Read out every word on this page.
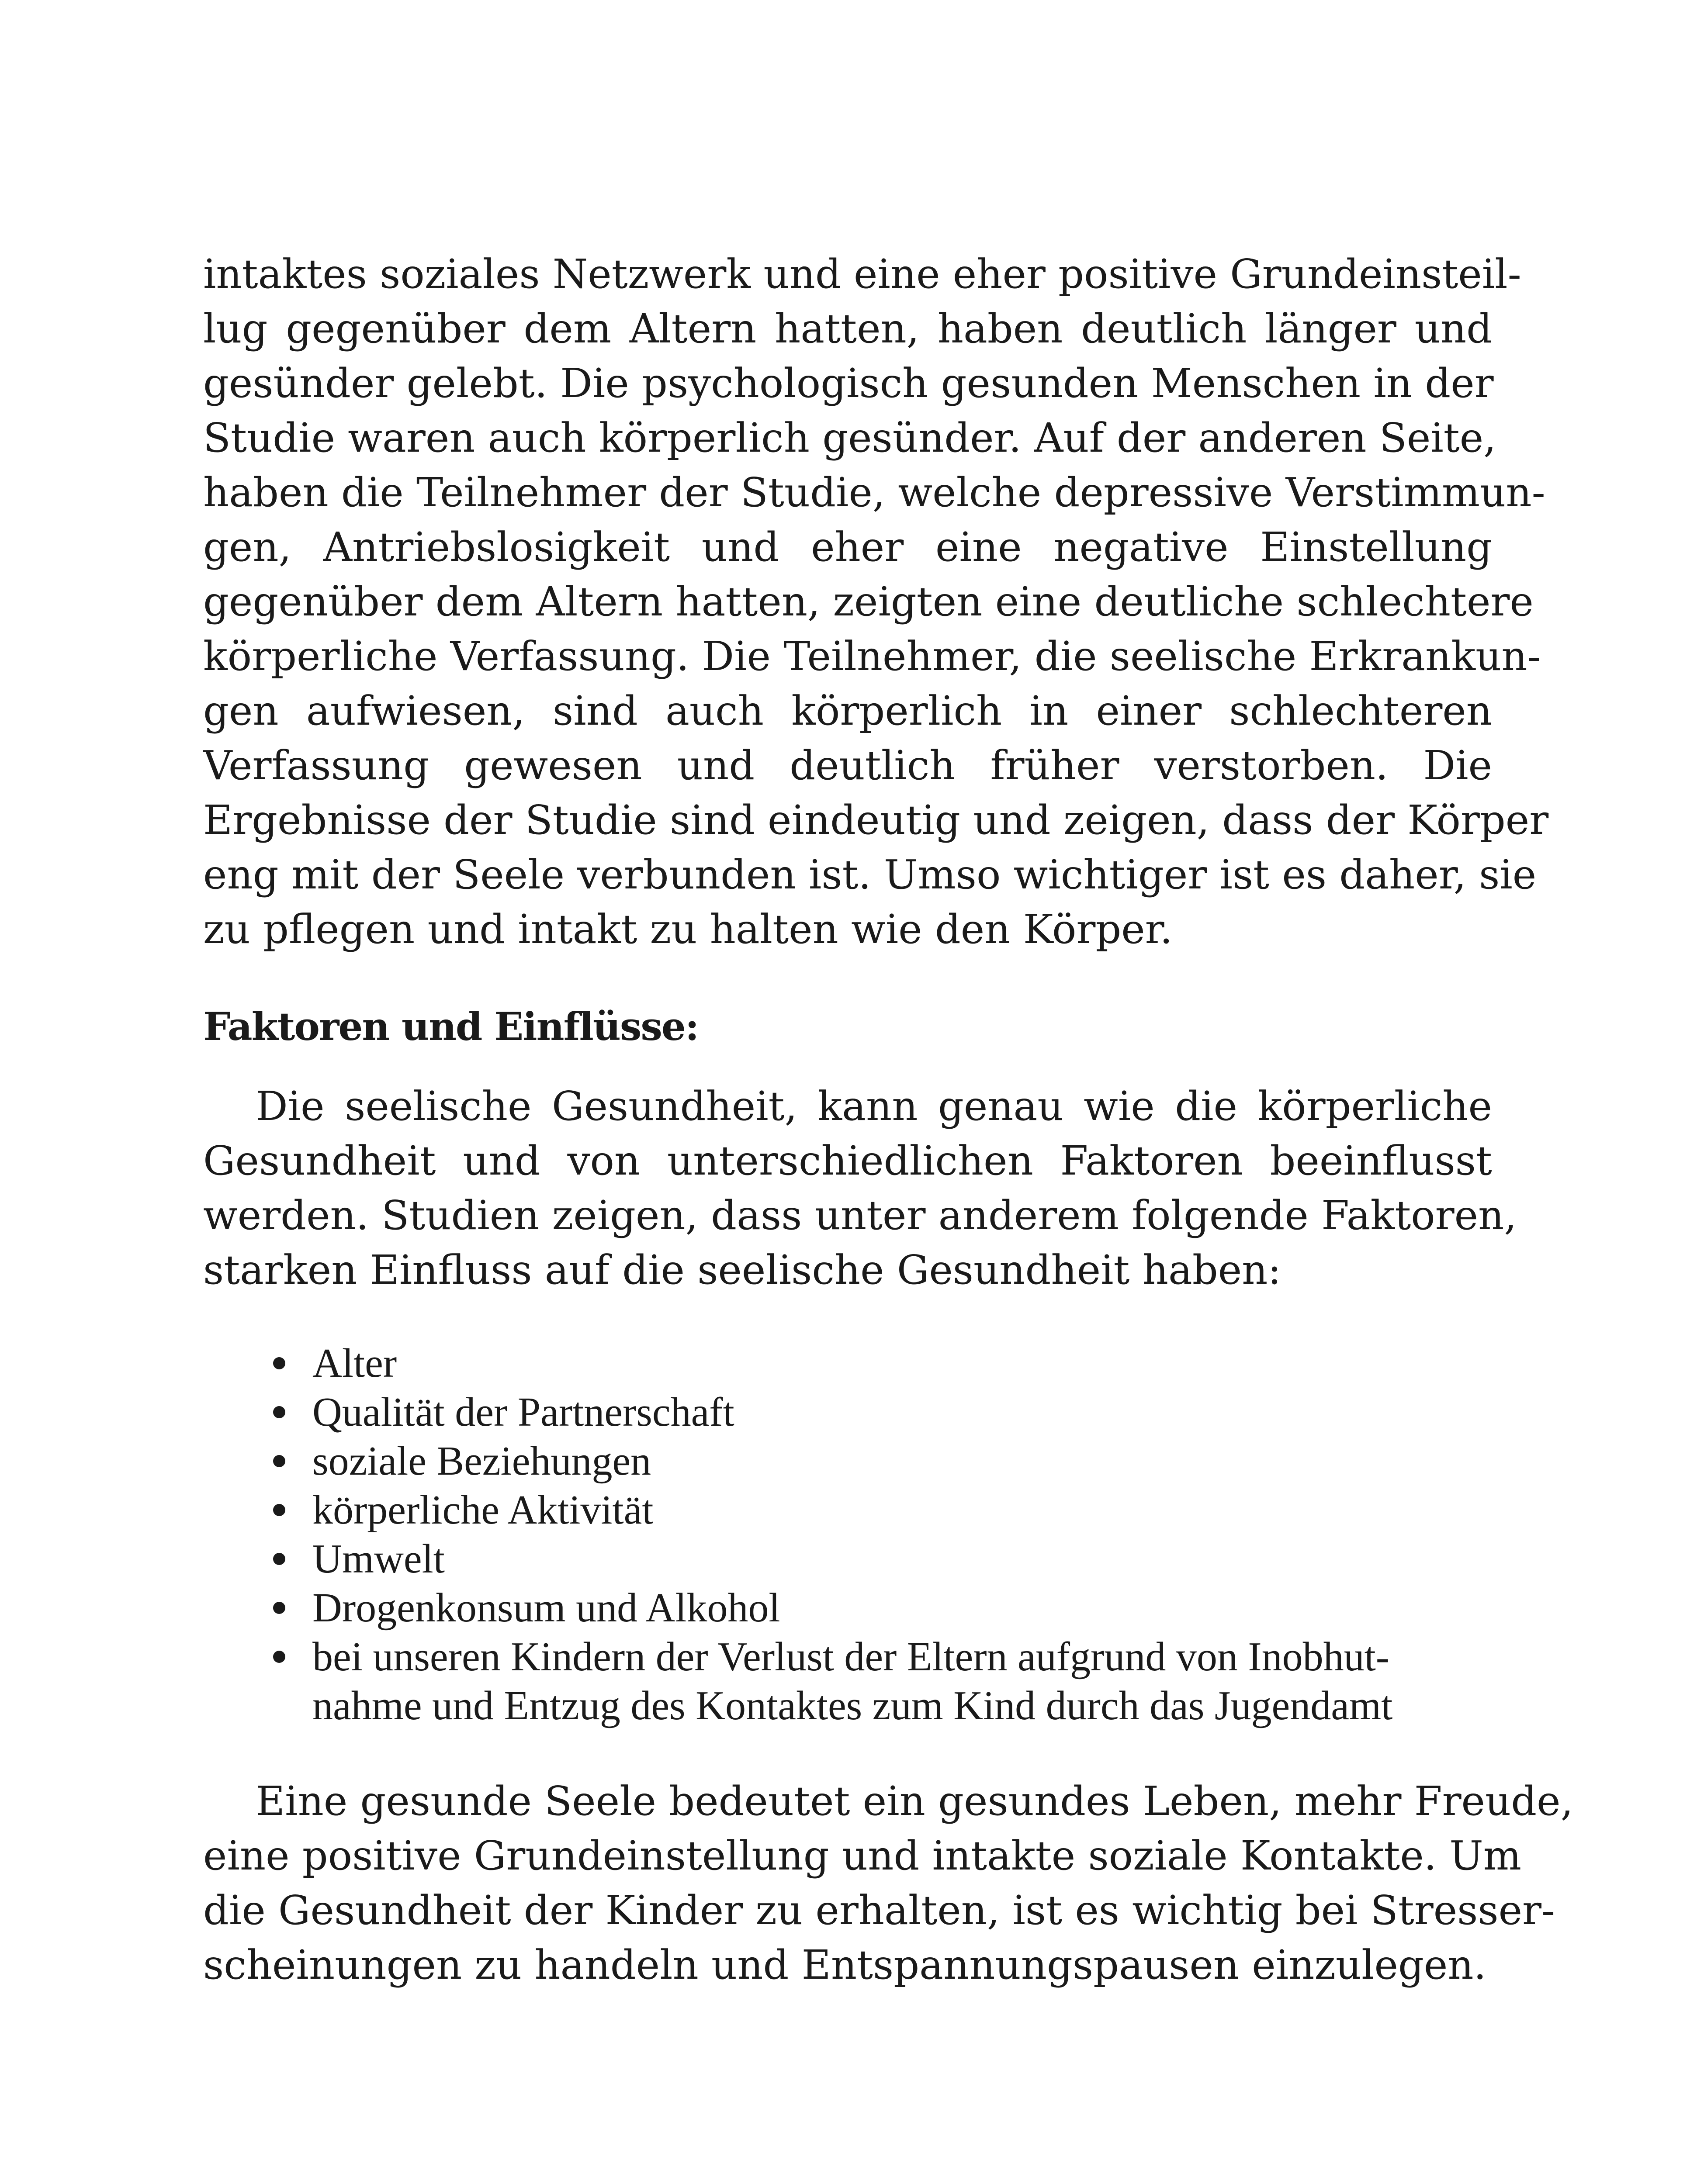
intaktes soziales Netzwerk und eine eher positive Grundeinsteil-
lug gegenüber dem Altern hatten, haben deutlich länger und
gesünder gelebt. Die psychologisch gesunden Menschen in der
Studie waren auch körperlich gesünder. Auf der anderen Seite,
haben die Teilnehmer der Studie, welche depressive Verstimmun-
gen, Antriebslosigkeit und eher eine negative Einstellung
gegenüber dem Altern hatten, zeigten eine deutliche schlechtere
körperliche Verfassung. Die Teilnehmer, die seelische Erkrankun-
gen aufwiesen, sind auch körperlich in einer schlechteren
Verfassung gewesen und deutlich früher verstorben. Die
Ergebnisse der Studie sind eindeutig und zeigen, dass der Körper
eng mit der Seele verbunden ist. Umso wichtiger ist es daher, sie
zu pflegen und intakt zu halten wie den Körper.

Faktoren und Einflüsse:

Die seelische Gesundheit, kann genau wie die körperliche
Gesundheit und von unterschiedlichen Faktoren beeinflusst
werden. Studien zeigen, dass unter anderem folgende Faktoren,
starken Einfluss auf die seelische Gesundheit haben:

Alter
Qualität der Partnerschaft
soziale Beziehungen
körperliche Aktivität
Umwelt
Drogenkonsum und Alkohol
bei unseren Kindern der Verlust der Eltern aufgrund von Inobhut-
nahme und Entzug des Kontaktes zum Kind durch das Jugendamt

Eine gesunde Seele bedeutet ein gesundes Leben, mehr Freude,
eine positive Grundeinstellung und intakte soziale Kontakte. Um
die Gesundheit der Kinder zu erhalten, ist es wichtig bei Stresser-
scheinungen zu handeln und Entspannungspausen einzulegen.
